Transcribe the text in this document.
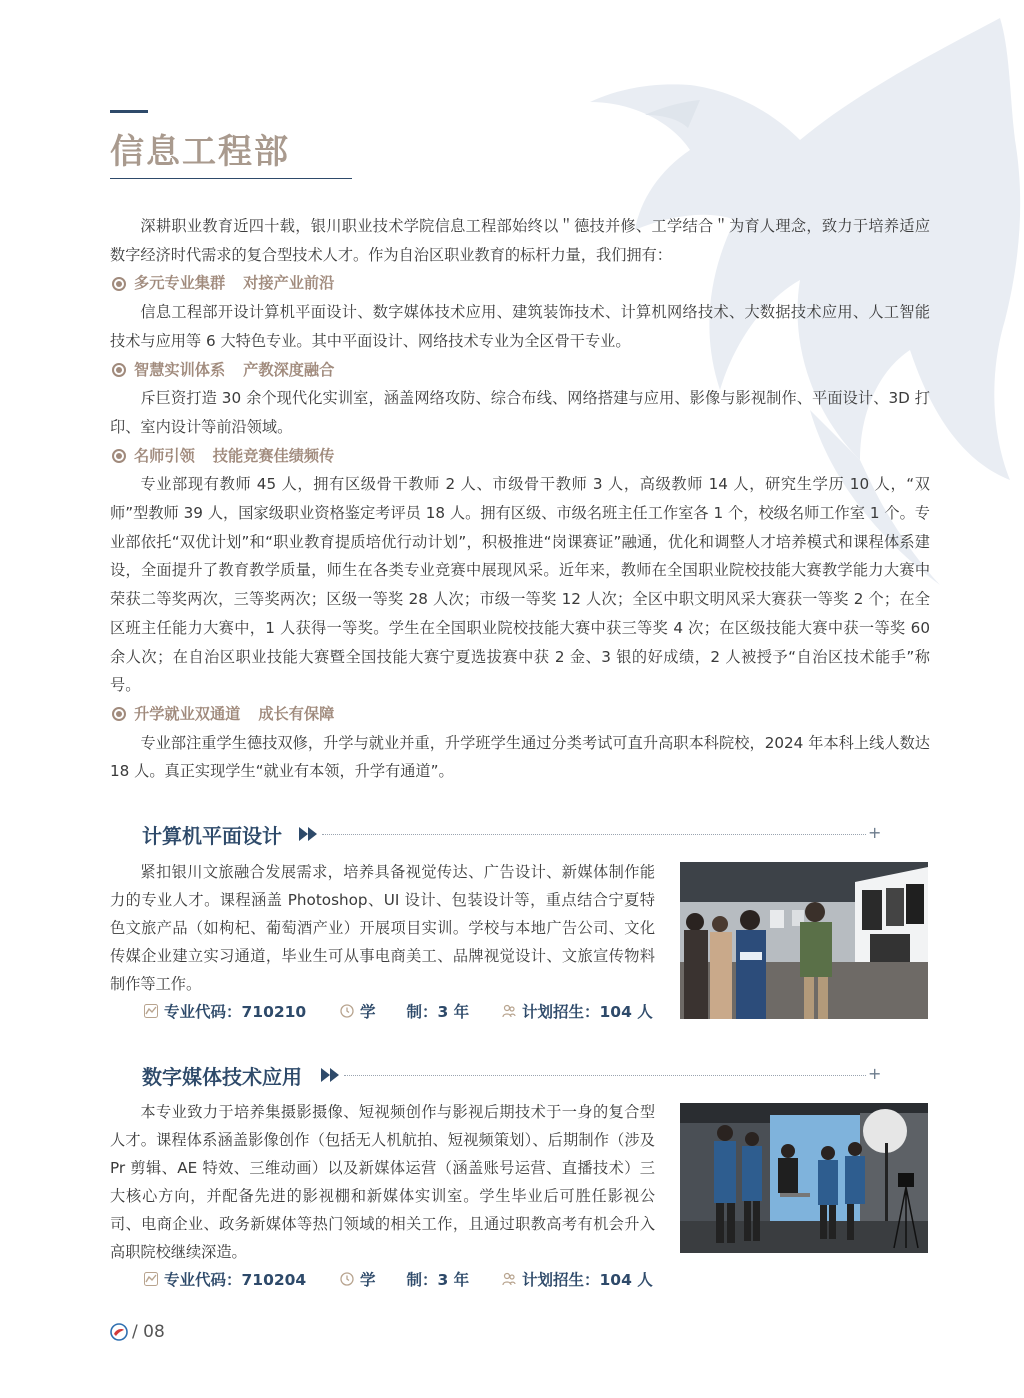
信息工程部

深耕职业教育近四十载，银川职业技术学院信息工程部始终以＂德技并修、工学结合＂为育人理念，致力于培养适应数字经济时代需求的复合型技术人才。作为自治区职业教育的标杆力量，我们拥有：

多元专业集群 对接产业前沿

信息工程部开设计算机平面设计、数字媒体技术应用、建筑装饰技术、计算机网络技术、大数据技术应用、人工智能技术与应用等 6 大特色专业。其中平面设计、网络技术专业为全区骨干专业。

智慧实训体系 产教深度融合

斥巨资打造 30 余个现代化实训室，涵盖网络攻防、综合布线、网络搭建与应用、影像与影视制作、平面设计、3D 打印、室内设计等前沿领域。

名师引领 技能竞赛佳绩频传

专业部现有教师 45 人，拥有区级骨干教师 2 人、市级骨干教师 3 人，高级教师 14 人，研究生学历 10 人，“双师”型教师 39 人，国家级职业资格鉴定考评员 18 人。拥有区级、市级名班主任工作室各 1 个，校级名师工作室 1 个。专业部依托“双优计划”和“职业教育提质培优行动计划”，积极推进“岗课赛证”融通，优化和调整人才培养模式和课程体系建设，全面提升了教育教学质量，师生在各类专业竞赛中展现风采。近年来，教师在全国职业院校技能大赛教学能力大赛中荣获二等奖两次，三等奖两次；区级一等奖 28 人次；市级一等奖 12 人次；全区中职文明风采大赛获一等奖 2 个；在全区班主任能力大赛中，1 人获得一等奖。学生在全国职业院校技能大赛中获三等奖 4 次；在区级技能大赛中获一等奖 60 余人次；在自治区职业技能大赛暨全国技能大赛宁夏选拔赛中获 2 金、3 银的好成绩，2 人被授予“自治区技术能手”称号。

升学就业双通道 成长有保障

专业部注重学生德技双修，升学与就业并重，升学班学生通过分类考试可直升高职本科院校，2024 年本科上线人数达 18 人。真正实现学生“就业有本领，升学有通道”。

计算机平面设计	+

紧扣银川文旅融合发展需求，培养具备视觉传达、广告设计、新媒体制作能力的专业人才。课程涵盖 Photoshop、UI 设计、包装设计等，重点结合宁夏特色文旅产品（如枸杞、葡萄酒产业）开展项目实训。学校与本地广告公司、文化传媒企业建立实习通道，毕业生可从事电商美工、品牌视觉设计、文旅宣传物料制作等工作。

专业代码：710210	学　　制：3 年	计划招生：104 人
数字媒体技术应用	+

本专业致力于培养集摄影摄像、短视频创作与影视后期技术于一身的复合型人才。课程体系涵盖影像创作（包括无人机航拍、短视频策划）、后期制作（涉及 Pr 剪辑、AE 特效、三维动画）以及新媒体运营（涵盖账号运营、直播技术）三大核心方向，并配备先进的影视棚和新媒体实训室。学生毕业后可胜任影视公司、电商企业、政务新媒体等热门领域的相关工作，且通过职教高考有机会升入高职院校继续深造。

专业代码：710204	学　　制：3 年	计划招生：104 人
/ 08
